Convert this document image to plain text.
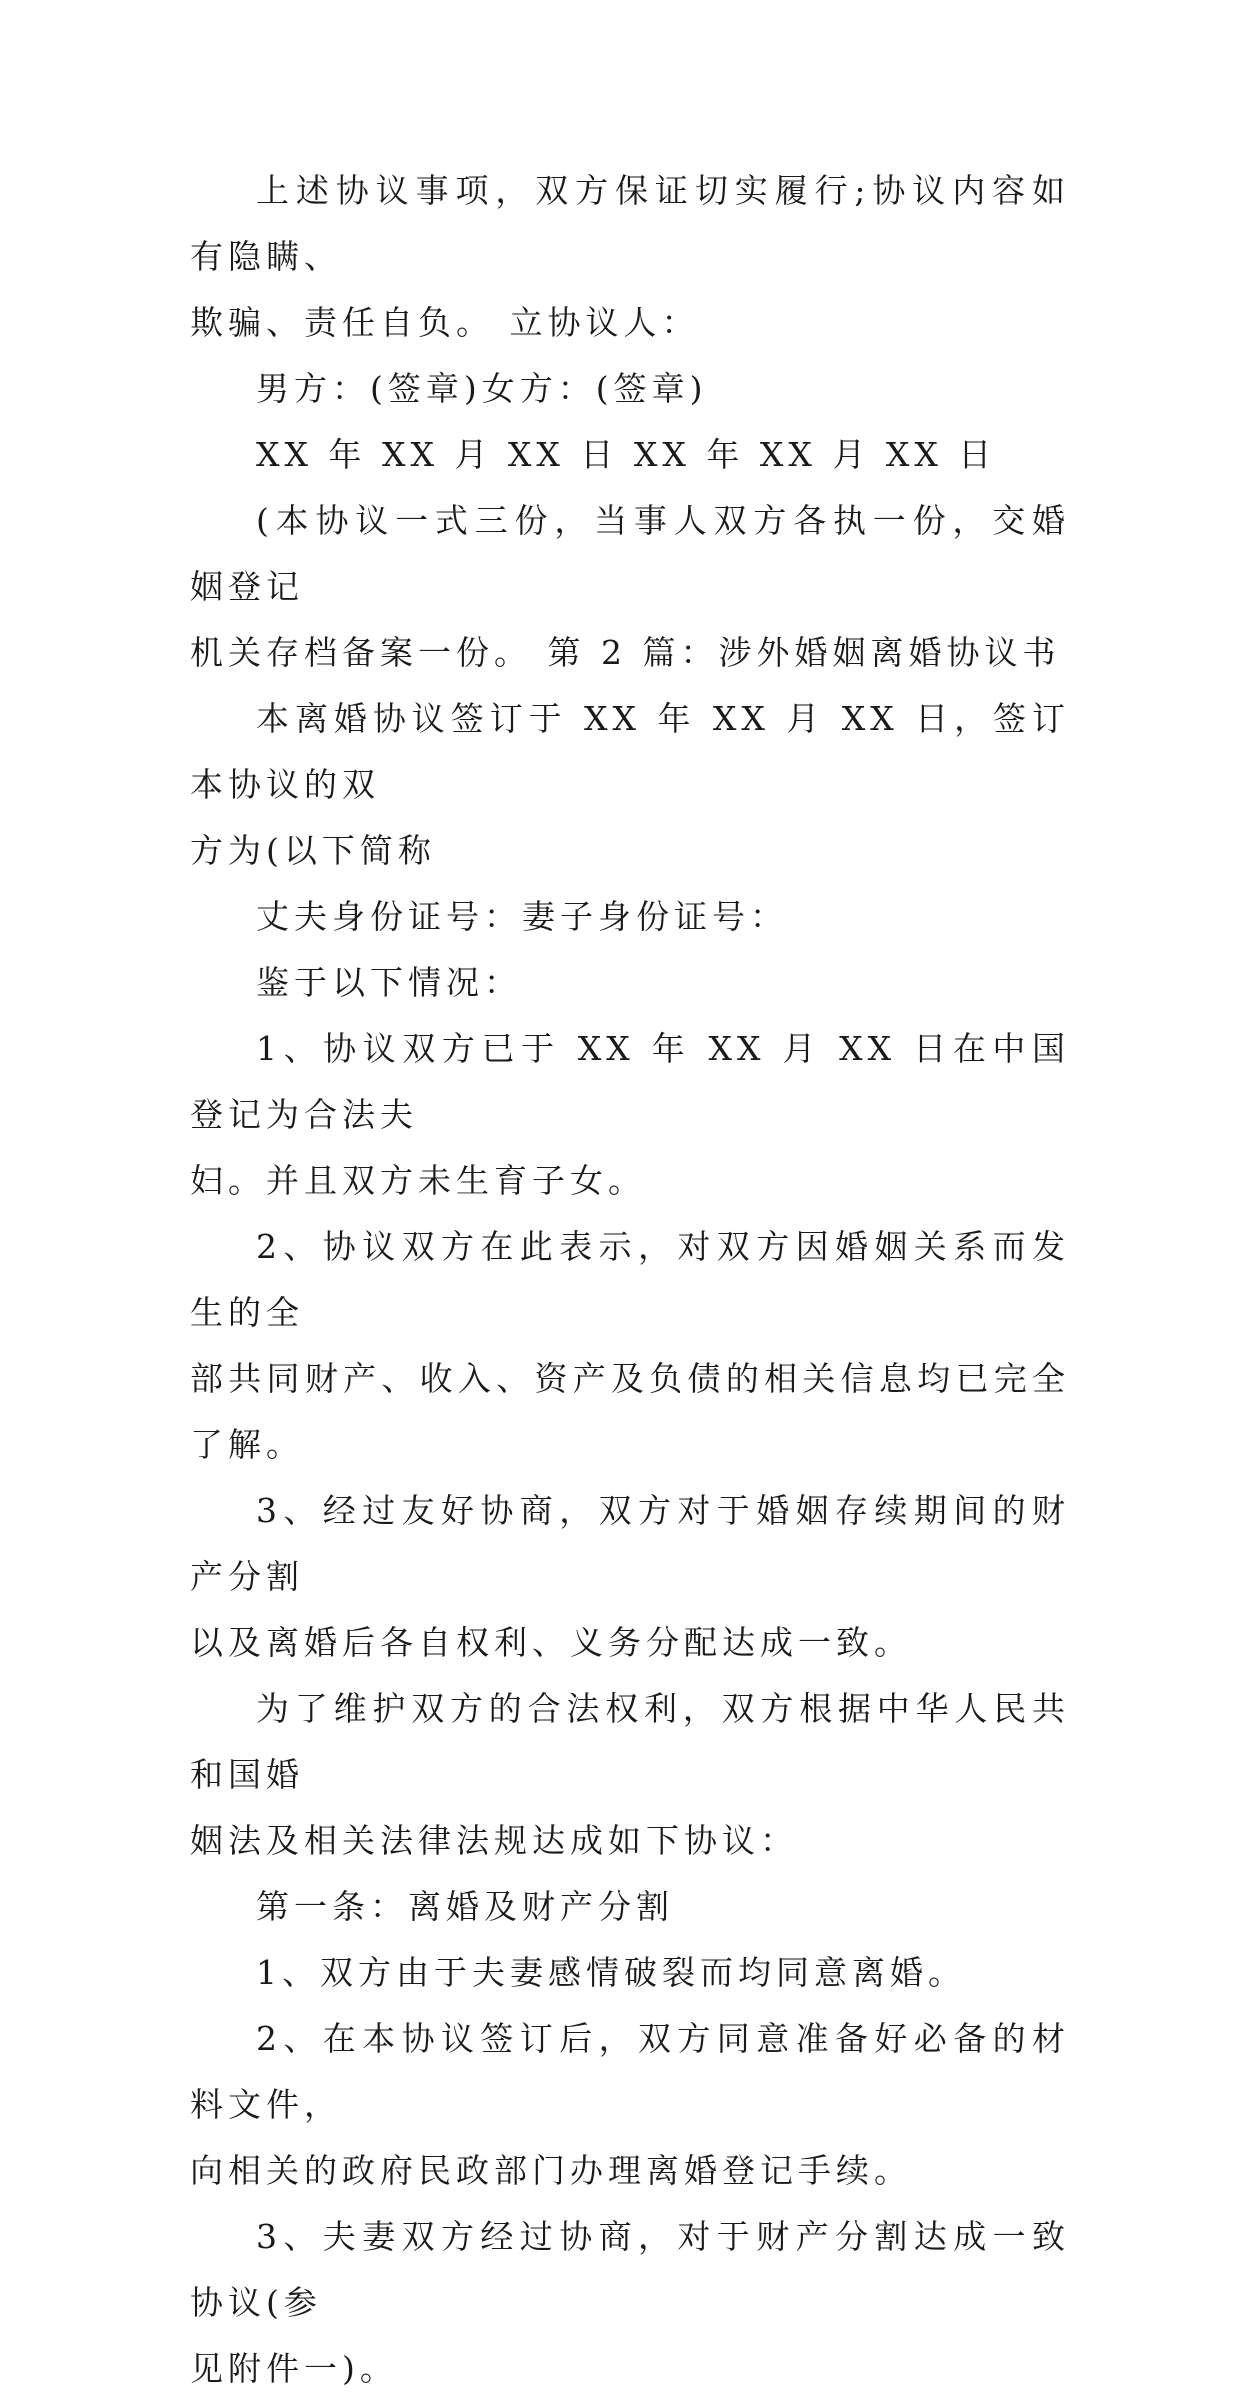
上述协议事项，双方保证切实履行;协议内容如有隐瞒、
欺骗、责任自负。 立协议人：

男方：(签章)女方：(签章)

XX 年 XX 月 XX 日 XX 年 XX 月 XX 日

(本协议一式三份，当事人双方各执一份，交婚姻登记
机关存档备案一份。 第 2 篇：涉外婚姻离婚协议书

本离婚协议签订于 XX 年 XX 月 XX 日，签订本协议的双
方为(以下简称

丈夫身份证号：妻子身份证号：

鉴于以下情况：

1、协议双方已于 XX 年 XX 月 XX 日在中国登记为合法夫
妇。并且双方未生育子女。

2、协议双方在此表示，对双方因婚姻关系而发生的全
部共同财产、收入、资产及负债的相关信息均已完全了解。

3、经过友好协商，双方对于婚姻存续期间的财产分割
以及离婚后各自权利、义务分配达成一致。

为了维护双方的合法权利，双方根据中华人民共和国婚
姻法及相关法律法规达成如下协议：

第一条：离婚及财产分割

1、双方由于夫妻感情破裂而均同意离婚。

2、在本协议签订后，双方同意准备好必备的材料文件，
向相关的政府民政部门办理离婚登记手续。

3、夫妻双方经过协商，对于财产分割达成一致协议(参
见附件一)。
